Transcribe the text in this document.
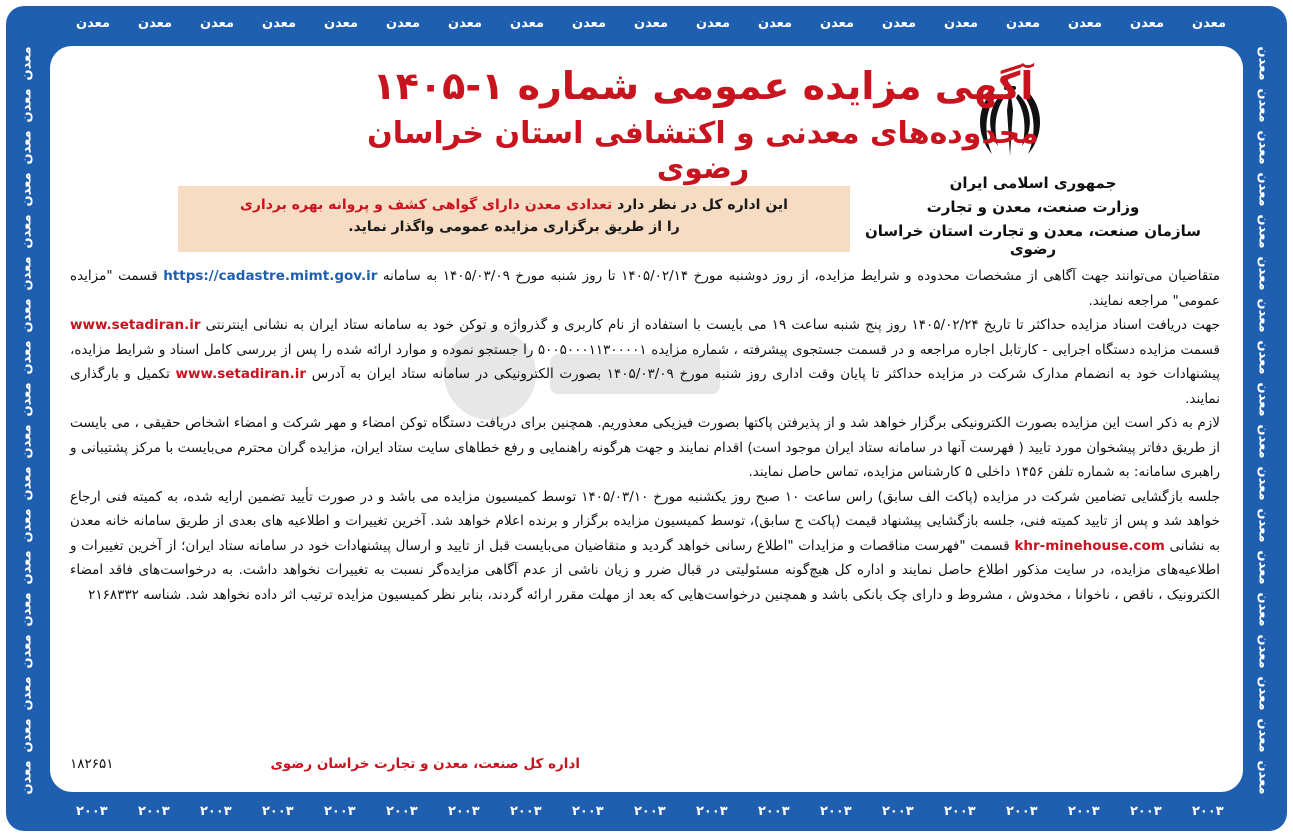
معدن معدن معدن معدن معدن معدن معدن معدن معدن معدن معدن معدن معدن معدن معدن معدن معدن معدن معدن
۲۰۰۳ ۲۰۰۳ ۲۰۰۳ ۲۰۰۳ ۲۰۰۳ ۲۰۰۳ ۲۰۰۳ ۲۰۰۳ ۲۰۰۳ ۲۰۰۳ ۲۰۰۳ ۲۰۰۳ ۲۰۰۳ ۲۰۰۳ ۲۰۰۳ ۲۰۰۳ ۲۰۰۳ ۲۰۰۳ ۲۰۰۳
معدن
معدن
معدن
معدن
معدن
معدن
معدن
معدن
معدن
معدن
معدن
معدن
معدن
معدن
معدن
معدن
معدن
معدن
معدن
معدن
معدن
معدن
معدن
معدن
معدن
معدن
معدن
معدن
معدن
معدن
معدن
معدن
معدن
معدن
معدن
معدن
جمهوری اسلامی ایران
وزارت صنعت، معدن و تجارت
سازمان صنعت، معدن و تجارت استان خراسان رضوی
آگهی مزایده عمومی شماره ۱-۱۴۰۵
محدوده‌های معدنی و اکتشافی استان خراسان رضوی
این اداره کل در نظر دارد تعدادی معدن دارای گواهی کشف و پروانه بهره برداری
را از طریق برگزاری مزایده عمومی واگذار نماید.

متقاضیان می‌توانند جهت آگاهی از مشخصات محدوده و شرایط مزایده، از روز دوشنبه مورخ ۱۴۰۵/۰۲/۱۴ تا روز شنبه مورخ ۱۴۰۵/۰۳/۰۹ به سامانه https://cadastre.mimt.gov.ir قسمت "مزایده عمومی" مراجعه نمایند.

جهت دریافت اسناد مزایده حداکثر تا تاریخ ۱۴۰۵/۰۲/۲۴ روز پنج شنبه ساعت ۱۹ می بایست با استفاده از نام کاربری و گذرواژه و توکن خود به سامانه ستاد ایران به نشانی اینترنتی www.setadiran.ir قسمت مزایده دستگاه اجرایی - کارتابل اجاره مراجعه و در قسمت جستجوی پیشرفته ، شماره مزایده ۵۰۰۵۰۰۰۱۱۳۰۰۰۰۱ را جستجو نموده و موارد ارائه شده را پس از بررسی کامل اسناد و شرایط مزایده، پیشنهادات خود به انضمام مدارک شرکت در مزایده حداکثر تا پایان وقت اداری روز شنبه مورخ ۱۴۰۵/۰۳/۰۹ بصورت الکترونیکی در سامانه ستاد ایران به آدرس www.setadiran.ir تکمیل و بارگذاری نمایند.

لازم به ذکر است این مزایده بصورت الکترونیکی برگزار خواهد شد و از پذیرفتن پاکتها بصورت فیزیکی معذوریم. همچنین برای دریافت دستگاه توکن امضاء و مهر شرکت و امضاء اشخاص حقیقی ، می بایست از طریق دفاتر پیشخوان مورد تایید ( فهرست آنها در سامانه ستاد ایران موجود است) اقدام نمایند و جهت هرگونه راهنمایی و رفع خطاهای سایت ستاد ایران، مزایده گران محترم می‌بایست با مرکز پشتیبانی و راهبری سامانه: به شماره تلفن ۱۴۵۶ داخلی ۵ کارشناس مزایده، تماس حاصل نمایند.

جلسه بازگشایی تضامین شرکت در مزایده (پاکت الف سابق) راس ساعت ۱۰ صبح روز یکشنبه مورخ ۱۴۰۵/۰۳/۱۰ توسط کمیسیون مزایده می باشد و در صورت تأیید تضمین ارایه شده، به کمیته فنی ارجاع خواهد شد و پس از تایید کمیته فنی، جلسه بازگشایی پیشنهاد قیمت (پاکت ج سابق)، توسط کمیسیون مزایده برگزار و برنده اعلام خواهد شد. آخرین تغییرات و اطلاعیه های بعدی از طریق سامانه خانه معدن به نشانی khr-minehouse.com قسمت "فهرست مناقصات و مزایدات "اطلاع رسانی خواهد گردید و متقاضیان می‌بایست قبل از تایید و ارسال پیشنهادات خود در سامانه ستاد ایران؛ از آخرین تغییرات و اطلاعیه‌های مزایده، در سایت مذکور اطلاع حاصل نمایند و اداره کل هیچ‌گونه مسئولیتی در قبال ضرر و زیان ناشی از عدم آگاهی مزایده‌گر نسبت به تغییرات نخواهد داشت. به درخواست‌های فاقد امضاء الکترونیک ، ناقص ، ناخوانا ، مخدوش ، مشروط و دارای چک بانکی باشد و همچنین درخواست‌هایی که بعد از مهلت مقرر ارائه گردند، بنابر نظر کمیسیون مزایده ترتیب اثر داده نخواهد شد. شناسه ۲۱۶۸۳۳۲

اداره کل صنعت، معدن و تجارت خراسان رضوی
۱۸۲۶۵۱
